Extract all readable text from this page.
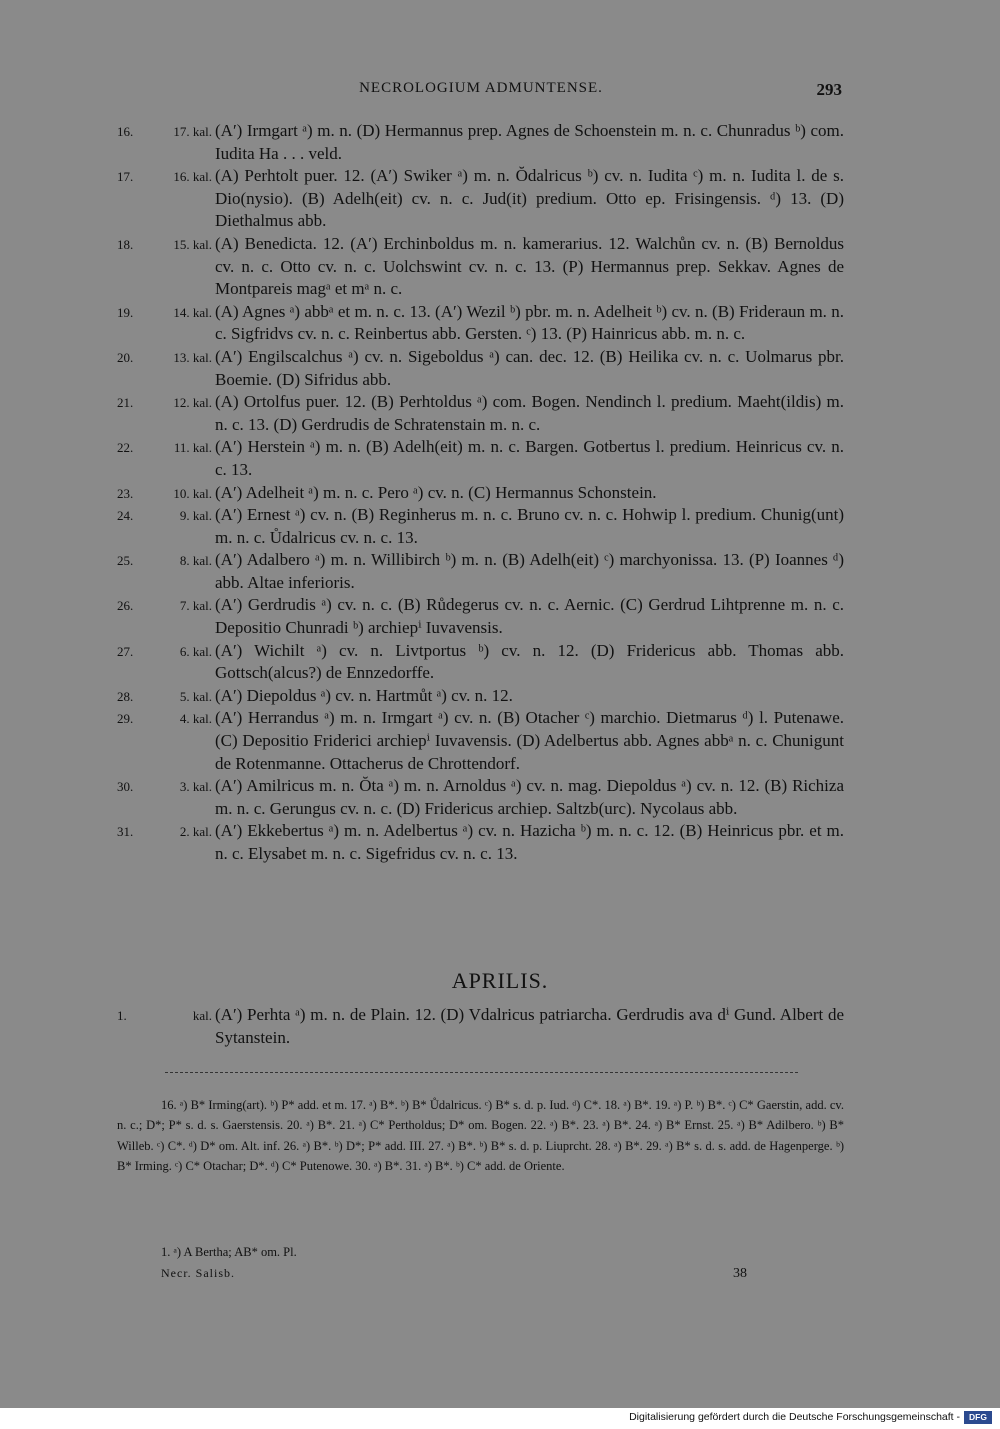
NECROLOGIUM ADMUNTENSE.	293
16.	17. kal. (A′) Irmgart ᵃ) m. n. (D) Hermannus prep. Agnes de Schoenstein m. n. c. Chunradus ᵇ) com. Iudita Ha . . . veld.
17.	16. kal. (A) Perhtolt puer. 12. (A′) Swiker ᵃ) m. n. Ŏdalricus ᵇ) cv. n. Iudita ᶜ) m. n. Iudita l. de s. Dio(nysio). (B) Adelh(eit) cv. n. c. Jud(it) predium. Otto ep. Frisingensis. ᵈ) 13. (D) Diethalmus abb.
18.	15. kal. (A) Benedicta. 12. (A′) Erchinboldus m. n. kamerarius. 12. Walchůn cv. n. (B) Bernoldus cv. n. c. Otto cv. n. c. Uolchswint cv. n. c. 13. (P) Hermannus prep. Sekkav. Agnes de Montpareis magᵃ et mᵃ n. c.
19.	14. kal. (A) Agnes ᵃ) abbᵃ et m. n. c. 13. (A′) Wezil ᵇ) pbr. m. n. Adelheit ᵇ) cv. n. (B) Frideraun m. n. c. Sigfridvs cv. n. c. Reinbertus abb. Gersten. ᶜ) 13. (P) Hainricus abb. m. n. c.
20.	13. kal. (A′) Engilscalchus ᵃ) cv. n. Sigeboldus ᵃ) can. dec. 12. (B) Heilika cv. n. c. Uolmarus pbr. Boemie. (D) Sifridus abb.
21.	12. kal. (A) Ortolfus puer. 12. (B) Perhtoldus ᵃ) com. Bogen. Nendinch l. predium. Maeht(ildis) m. n. c. 13. (D) Gerdrudis de Schratenstain m. n. c.
22.	11. kal. (A′) Herstein ᵃ) m. n. (B) Adelh(eit) m. n. c. Bargen. Gotbertus l. predium. Heinricus cv. n. c. 13.
23.	10. kal. (A′) Adelheit ᵃ) m. n. c. Pero ᵃ) cv. n. (C) Hermannus Schonstein.
24.	9. kal. (A′) Ernest ᵃ) cv. n. (B) Reginherus m. n. c. Bruno cv. n. c. Hohwip l. predium. Chunig(unt) m. n. c. Ůdalricus cv. n. c. 13.
25.	8. kal. (A′) Adalbero ᵃ) m. n. Willibirch ᵇ) m. n. (B) Adelh(eit) ᶜ) marchyonissa. 13. (P) Ioannes ᵈ) abb. Altae inferioris.
26.	7. kal. (A′) Gerdrudis ᵃ) cv. n. c. (B) Růdegerus cv. n. c. Aernic. (C) Gerdrud Lihtprenne m. n. c. Depositio Chunradi ᵇ) archiepⁱ Iuvavensis.
27.	6. kal. (A′) Wichilt ᵃ) cv. n. Livtportus ᵇ) cv. n. 12. (D) Fridericus abb. Thomas abb. Gottsch(alcus?) de Ennzedorffe.
28.	5. kal. (A′) Diepoldus ᵃ) cv. n. Hartmůt ᵃ) cv. n. 12.
29.	4. kal. (A′) Herrandus ᵃ) m. n. Irmgart ᵃ) cv. n. (B) Otacher ᶜ) marchio. Dietmarus ᵈ) l. Putenawe. (C) Depositio Friderici archiepⁱ Iuvavensis. (D) Adelbertus abb. Agnes abbᵃ n. c. Chunigunt de Rotenmanne. Ottacherus de Chrottendorf.
30.	3. kal. (A′) Amilricus m. n. Ŏta ᵃ) m. n. Arnoldus ᵃ) cv. n. mag. Diepoldus ᵃ) cv. n. 12. (B) Richiza m. n. c. Gerungus cv. n. c. (D) Fridericus archiep. Saltzb(urc). Nycolaus abb.
31.	2. kal. (A′) Ekkebertus ᵃ) m. n. Adelbertus ᵃ) cv. n. Hazicha ᵇ) m. n. c. 12. (B) Heinricus pbr. et m. n. c. Elysabet m. n. c. Sigefridus cv. n. c. 13.
APRILIS.
1.	kal. (A′) Perhta ᵃ) m. n. de Plain. 12. (D) Vdalricus patriarcha. Gerdrudis ava dⁱ Gund. Albert de Sytanstein.

16. ᵃ) B* Irming(art). ᵇ) P* add. et m. 17. ᵃ) B*. ᵇ) B* Ůdalricus. ᶜ) B* s. d. p. Iud. ᵈ) C*. 18. ᵃ) B*. 19. ᵃ) P. ᵇ) B*. ᶜ) C* Gaerstin, add. cv. n. c.; D*; P* s. d. s. Gaerstensis. 20. ᵃ) B*. 21. ᵃ) C* Pertholdus; D* om. Bogen. 22. ᵃ) B*. 23. ᵃ) B*. 24. ᵃ) B* Ernst. 25. ᵃ) B* Adilbero. ᵇ) B* Willeb. ᶜ) C*. ᵈ) D* om. Alt. inf. 26. ᵃ) B*. ᵇ) D*; P* add. III. 27. ᵃ) B*. ᵇ) B* s. d. p. Liuprcht. 28. ᵃ) B*. 29. ᵃ) B* s. d. s. add. de Hagenperge. ᵇ) B* Irming. ᶜ) C* Otachar; D*. ᵈ) C* Putenowe. 30. ᵃ) B*. 31. ᵃ) B*. ᵇ) C* add. de Oriente.

1. ᵃ) A Bertha; AB* om. Pl.

Necr. Salisb.	38
Digitalisierung gefördert durch die Deutsche Forschungsgemeinschaft -	DFG
